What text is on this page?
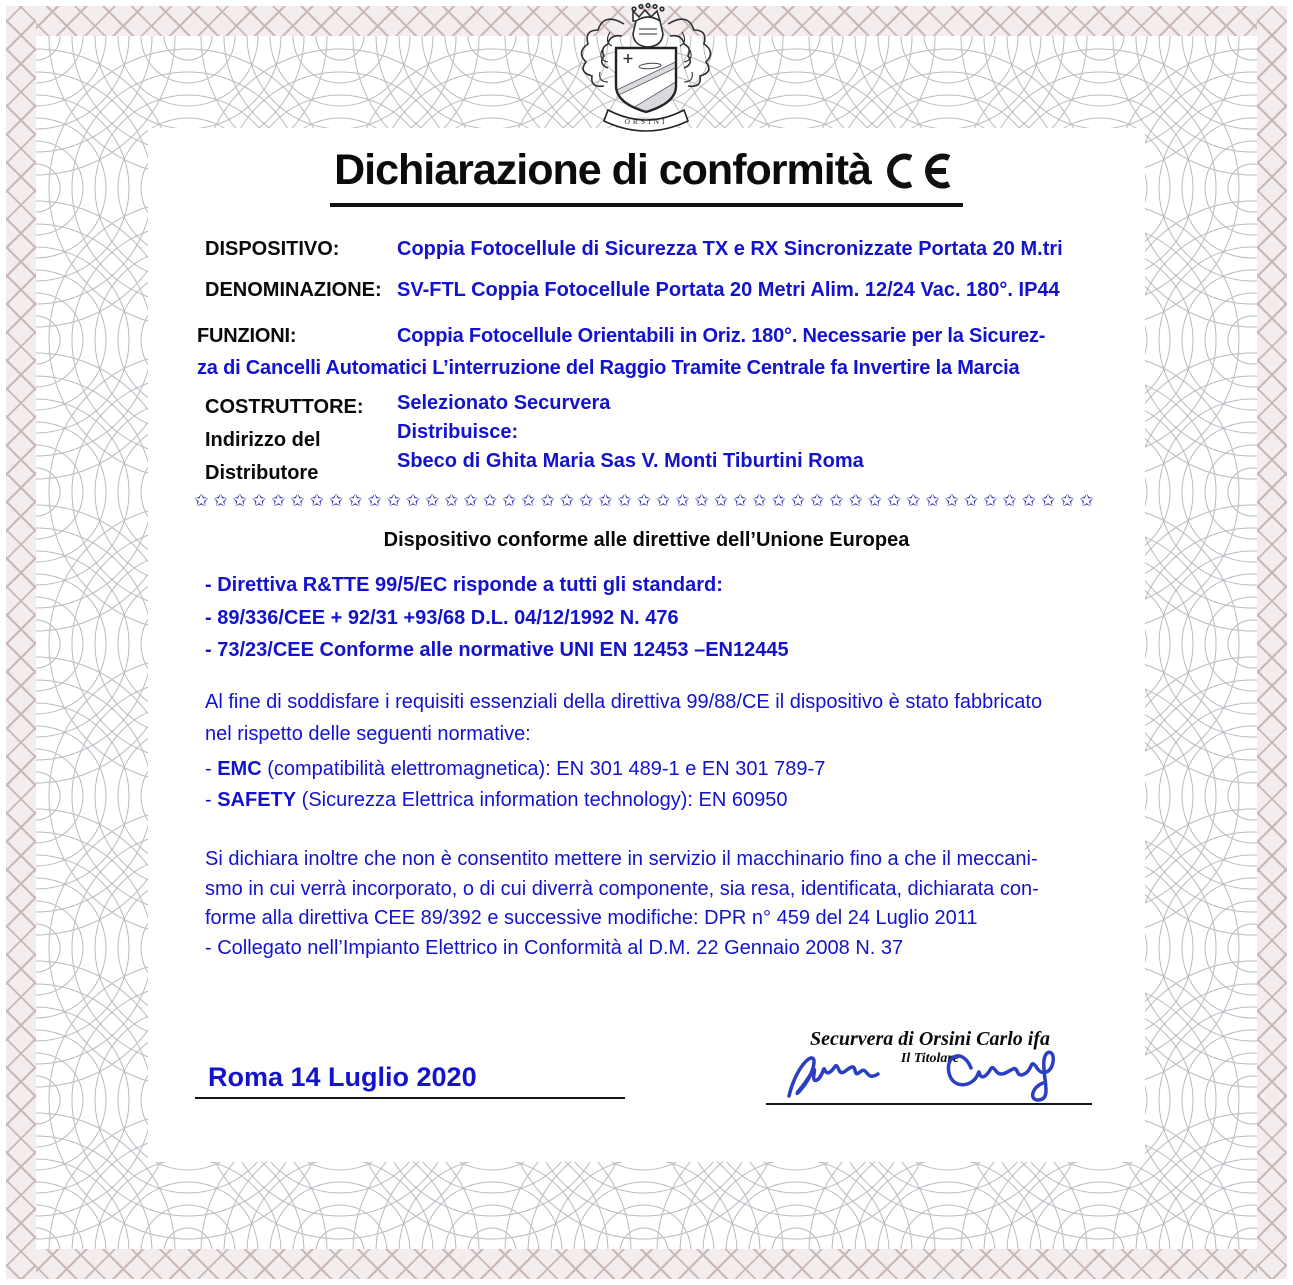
ORSINI
Dichiarazione di conformità
DISPOSITIVO:	Coppia Fotocellule di Sicurezza TX e RX Sincronizzate Portata 20 M.tri
DENOMINAZIONE: SV-FTL Coppia Fotocellule Portata 20 Metri Alim. 12/24 Vac. 180°. IP44
FUNZIONI:	Coppia Fotocellule Orientabili in Oriz. 180°. Necessarie per la Sicurez-
za di Cancelli Automatici L’interruzione del Raggio Tramite Centrale fa Invertire la Marcia
COSTRUTTORE:
Indirizzo del
Distributore
Selezionato Securvera
Distribuisce:
Sbeco di Ghita Maria Sas V. Monti Tiburtini Roma
✩✩✩✩✩✩✩✩✩✩✩✩✩✩✩✩✩✩✩✩✩✩✩✩✩✩✩✩✩✩✩✩✩✩✩✩✩✩✩✩✩✩✩✩✩✩✩
Dispositivo conforme alle direttive dell’Unione Europea
- Direttiva R&TTE 99/5/EC risponde a tutti gli standard:
- 89/336/CEE + 92/31 +93/68 D.L. 04/12/1992 N. 476
- 73/23/CEE Conforme alle normative UNI EN 12453 –EN12445
Al fine di soddisfare i requisiti essenziali della direttiva 99/88/CE il dispositivo è stato fabbricato
nel rispetto delle seguenti normative:
- EMC (compatibilità elettromagnetica): EN 301 489-1 e EN 301 789-7
- SAFETY (Sicurezza Elettrica information technology): EN 60950
Si dichiara inoltre che non è consentito mettere in servizio il macchinario fino a che il meccani-
smo in cui verrà incorporato, o di cui diverrà componente, sia resa, identificata, dichiarata con-
forme alla direttiva CEE 89/392 e successive modifiche: DPR n° 459 del 24 Luglio 2011
- Collegato nell’Impianto Elettrico in Conformità al D.M. 22 Gennaio 2008 N. 37
Securvera di Orsini Carlo ifa
Il Titolare
Roma 14 Luglio 2020
